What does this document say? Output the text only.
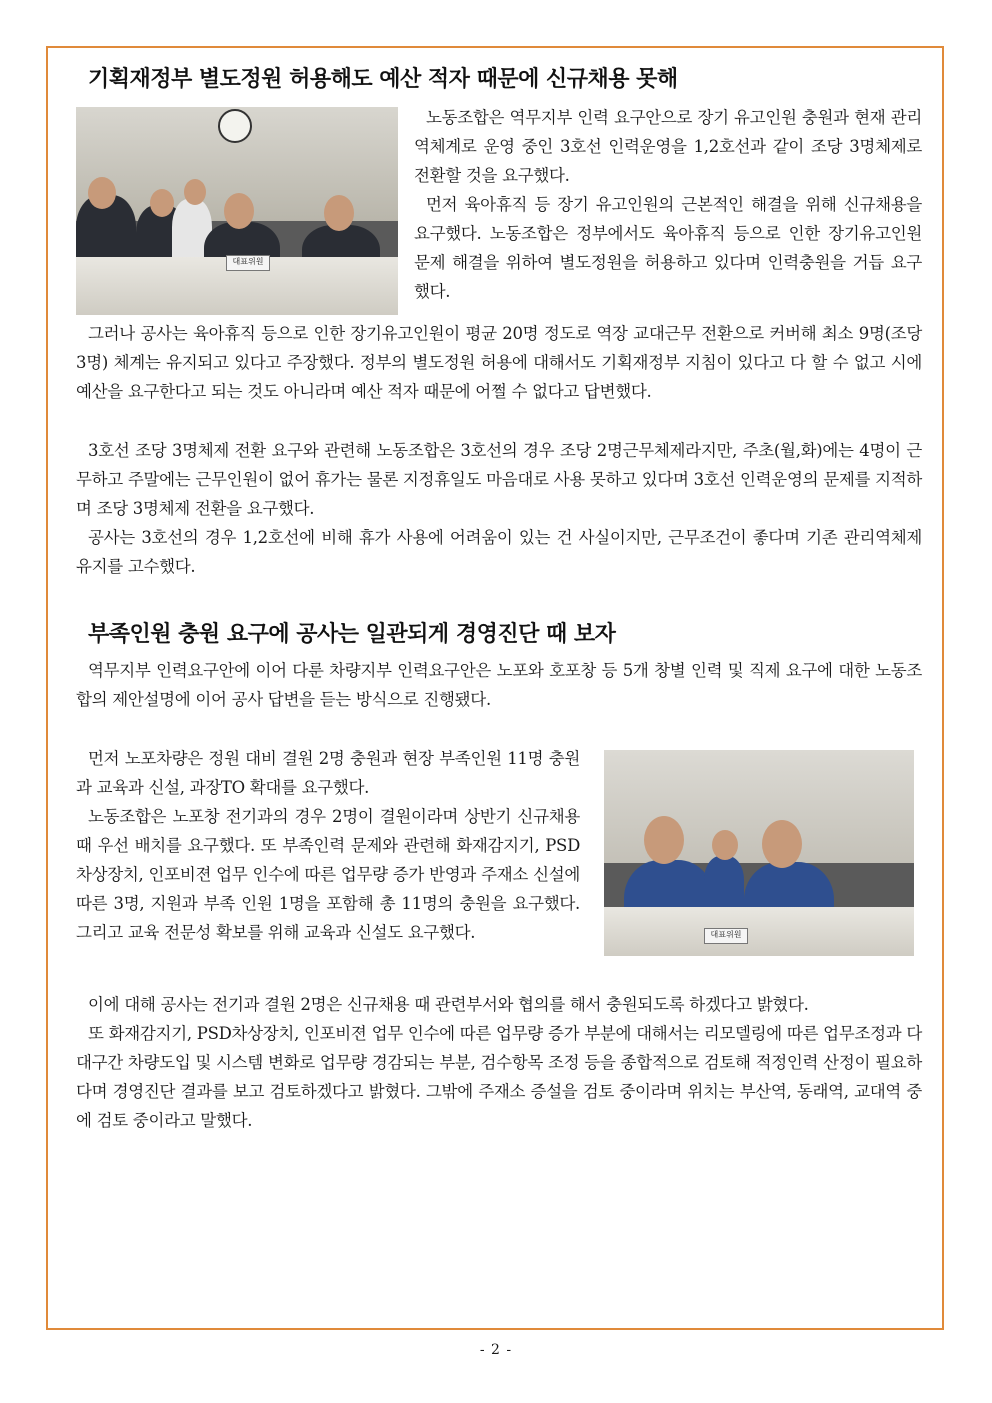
기획재정부 별도정원 허용해도 예산 적자 때문에 신규채용 못해
대표위원

노동조합은 역무지부 인력 요구안으로 장기 유고인원 충원과 현재 관리역체계로 운영 중인 3호선 인력운영을 1,2호선과 같이 조당 3명체제로 전환할 것을 요구했다.

먼저 육아휴직 등 장기 유고인원의 근본적인 해결을 위해 신규채용을 요구했다. 노동조합은 정부에서도 육아휴직 등으로 인한 장기유고인원 문제 해결을 위하여 별도정원을 허용하고 있다며 인력충원을 거듭 요구했다.

그러나 공사는 육아휴직 등으로 인한 장기유고인원이 평균 20명 정도로 역장 교대근무 전환으로 커버해 최소 9명(조당 3명) 체계는 유지되고 있다고 주장했다. 정부의 별도정원 허용에 대해서도 기획재정부 지침이 있다고 다 할 수 없고 시에 예산을 요구한다고 되는 것도 아니라며 예산 적자 때문에 어쩔 수 없다고 답변했다.

3호선 조당 3명체제 전환 요구와 관련해 노동조합은 3호선의 경우 조당 2명근무체제라지만, 주초(월,화)에는 4명이 근무하고 주말에는 근무인원이 없어 휴가는 물론 지정휴일도 마음대로 사용 못하고 있다며 3호선 인력운영의 문제를 지적하며 조당 3명체제 전환을 요구했다.

공사는 3호선의 경우 1,2호선에 비해 휴가 사용에 어려움이 있는 건 사실이지만, 근무조건이 좋다며 기존 관리역체제 유지를 고수했다.

부족인원 충원 요구에 공사는 일관되게 경영진단 때 보자

역무지부 인력요구안에 이어 다룬 차량지부 인력요구안은 노포와 호포창 등 5개 창별 인력 및 직제 요구에 대한 노동조합의 제안설명에 이어 공사 답변을 듣는 방식으로 진행됐다.

대표위원

먼저 노포차량은 정원 대비 결원 2명 충원과 현장 부족인원 11명 충원과 교육과 신설, 과장TO 확대를 요구했다.

노동조합은 노포창 전기과의 경우 2명이 결원이라며 상반기 신규채용 때 우선 배치를 요구했다. 또 부족인력 문제와 관련해 화재감지기, PSD차상장치, 인포비젼 업무 인수에 따른 업무량 증가 반영과 주재소 신설에 따른 3명, 지원과 부족 인원 1명을 포함해 총 11명의 충원을 요구했다. 그리고 교육 전문성 확보를 위해 교육과 신설도 요구했다.

이에 대해 공사는 전기과 결원 2명은 신규채용 때 관련부서와 협의를 해서 충원되도록 하겠다고 밝혔다.

또 화재감지기, PSD차상장치, 인포비젼 업무 인수에 따른 업무량 증가 부분에 대해서는 리모델링에 따른 업무조정과 다대구간 차량도입 및 시스템 변화로 업무량 경감되는 부분, 검수항목 조정 등을 종합적으로 검토해 적정인력 산정이 필요하다며 경영진단 결과를 보고 검토하겠다고 밝혔다. 그밖에 주재소 증설을 검토 중이라며 위치는 부산역, 동래역, 교대역 중에 검토 중이라고 말했다.

- 2 -
